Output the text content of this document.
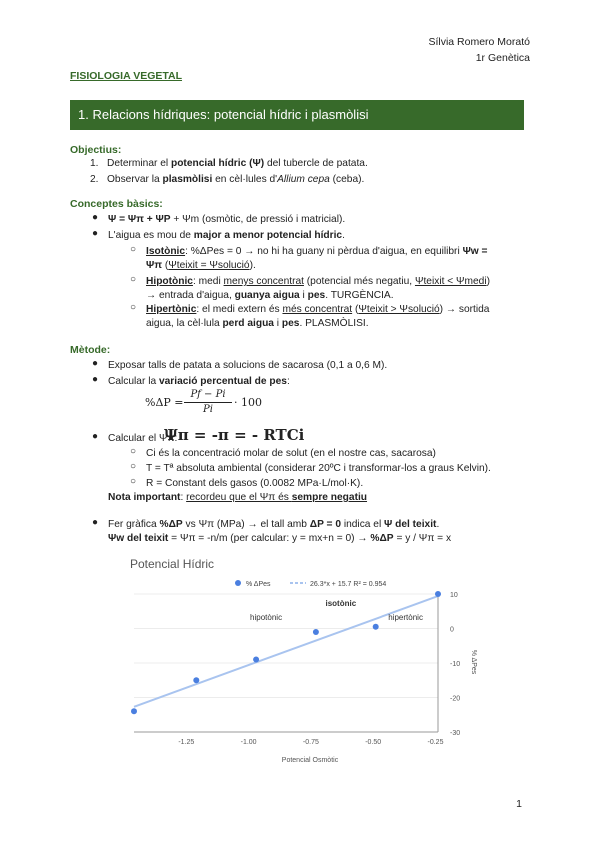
Sílvia Romero Morató
1r Genètica
FISIOLOGIA VEGETAL
1. Relacions hídriques: potencial hídric i plasmòlisi
Objectius:
1. Determinar el potencial hídric (Ψ) del tubercle de patata.
2. Observar la plasmòlisi en cèl·lules d'Allium cepa (ceba).
Conceptes bàsics:
● Ψ = Ψπ + ΨP + Ψm (osmòtic, de pressió i matricial).
● L'aigua es mou de major a menor potencial hídric.
○ Isotònic: %ΔPes = 0 → no hi ha guany ni pèrdua d'aigua, en equilibri Ψw =
Ψπ (Ψteixit = Ψsolució).
○ Hipotònic: medi menys concentrat (potencial més negatiu, Ψteixit < Ψmedi)
→ entrada d'aigua, guanya aigua i pes. TURGÈNCIA.
○ Hipertònic: el medi extern és més concentrat (Ψteixit > Ψsolució) → sortida
aigua, la cèl·lula perd aigua i pes. PLASMÒLISI.
Mètode:
● Exposar talls de patata a solucions de sacarosa (0,1 a 0,6 M).
● Calcular la variació percentual de pes:
%ΔP =
Pf − Pi
Pi
· 100
● Calcular el Ψπ:
Ψπ = -π = - RTCi
○ Ci és la concentració molar de solut (en el nostre cas, sacarosa)
○ T = Tª absoluta ambiental (considerar 20ºC i transformar-los a graus Kelvin).
○ R = Constant dels gasos (0.0082 MPa·L/mol·K).
Nota important: recordeu que el Ψπ és sempre negatiu
● Fer gràfica %ΔP vs Ψπ (MPa) → el tall amb ΔP = 0 indica el Ψ del teixit.
Ψw del teixit = Ψπ = -n/m (per calcular: y = mx+n = 0) → %ΔP = y / Ψπ = x
Potencial Hídric
% ΔPes	26.3*x + 15.7 R² = 0.954
10
0
-10
-20
-30
-1.25	-1.00	-0.75	-0.50	-0.25
hipotònic
isotònic
hipertònic
Potencial Osmòtic
% ΔPes
1
